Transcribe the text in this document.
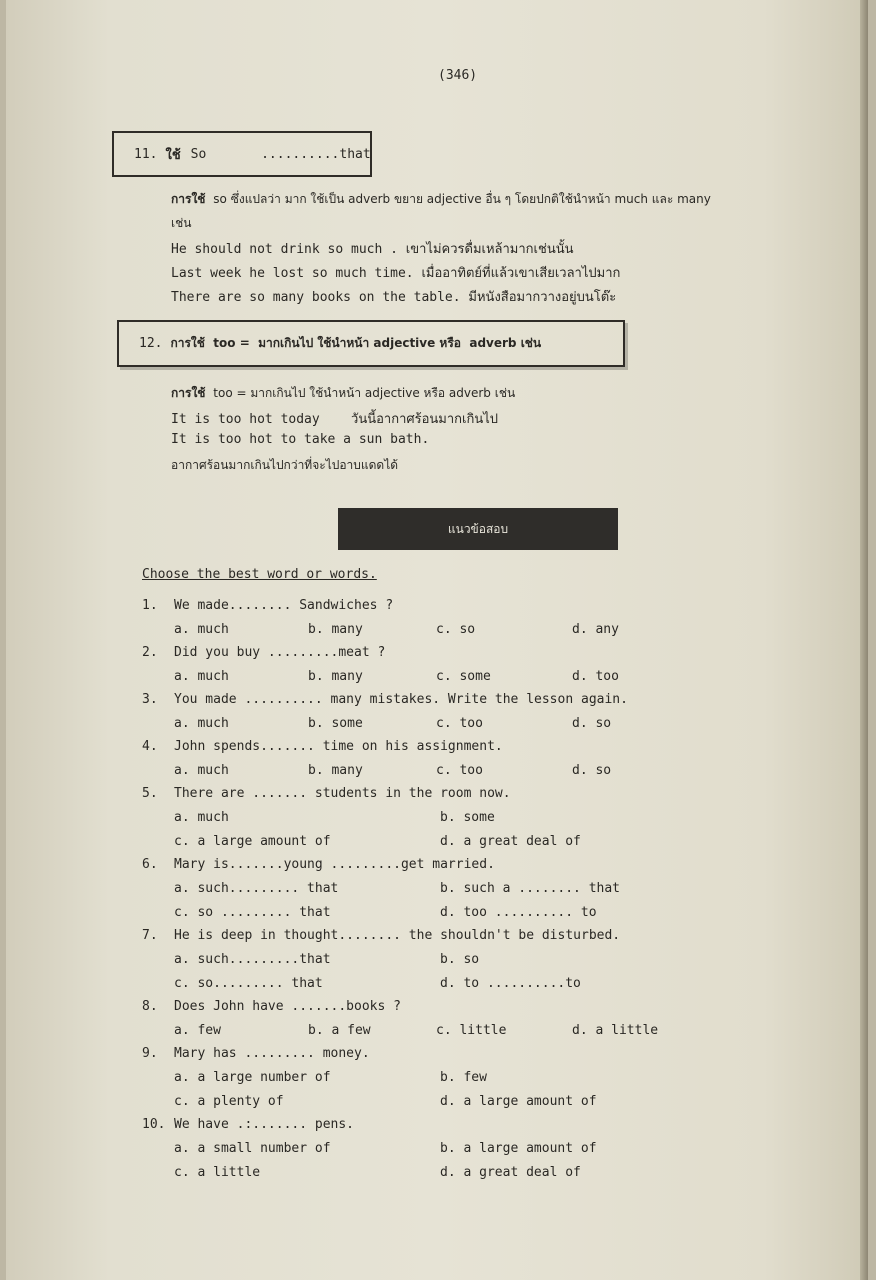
(346)
11. ใช้ So       ..........that
การใช้ so ซึ่งแปลว่า มาก ใช้เป็น adverb ขยาย adjective อื่น ๆ โดยปกติใช้นำหน้า much และ many
เช่น
He should not drink so much . เขาไม่ควรดื่มเหล้ามากเช่นนั้น
Last week he lost so much time. เมื่ออาทิตย์ที่แล้วเขาเสียเวลาไปมาก
There are so many books on the table. มีหนังสือมากวางอยู่บนโต๊ะ
12. การใช้  too =  มากเกินไป ใช้นำหน้า adjective หรือ  adverb เช่น
การใช้ too = มากเกินไป ใช้นำหน้า adjective หรือ adverb เช่น
It is too hot today    วันนี้อากาศร้อนมากเกินไป
It is too hot to take a sun bath.
อากาศร้อนมากเกินไปกว่าที่จะไปอาบแดดได้
แนวข้อสอบ
Choose the best word or words.
1. We made........ Sandwiches ?
a. much	b. many	c. so	d. any
2. Did you buy .........meat ?
a. much	b. many	c. some	d. too
3. You made .......... many mistakes. Write the lesson again.
a. much	b. some	c. too	d. so
4. John spends....... time on his assignment.
a. much	b. many	c. too	d. so
5. There are ....... students in the room now.
a. much	b. some
c. a large amount of	d. a great deal of
6. Mary is.......young .........get married.
a. such......... that	b. such a ........ that
c. so ......... that	d. too .......... to
7. He is deep in thought........ the shouldn't be disturbed.
a. such.........that	b. so
c. so......... that	d. to ..........to
8. Does John have .......books ?
a. few	b. a few	c. little	d. a little
9. Mary has ......... money.
a. a large number of	b. few
c. a plenty of	d. a large amount of
10. We have .:....... pens.
a. a small number of	b. a large amount of
c. a little	d. a great deal of
